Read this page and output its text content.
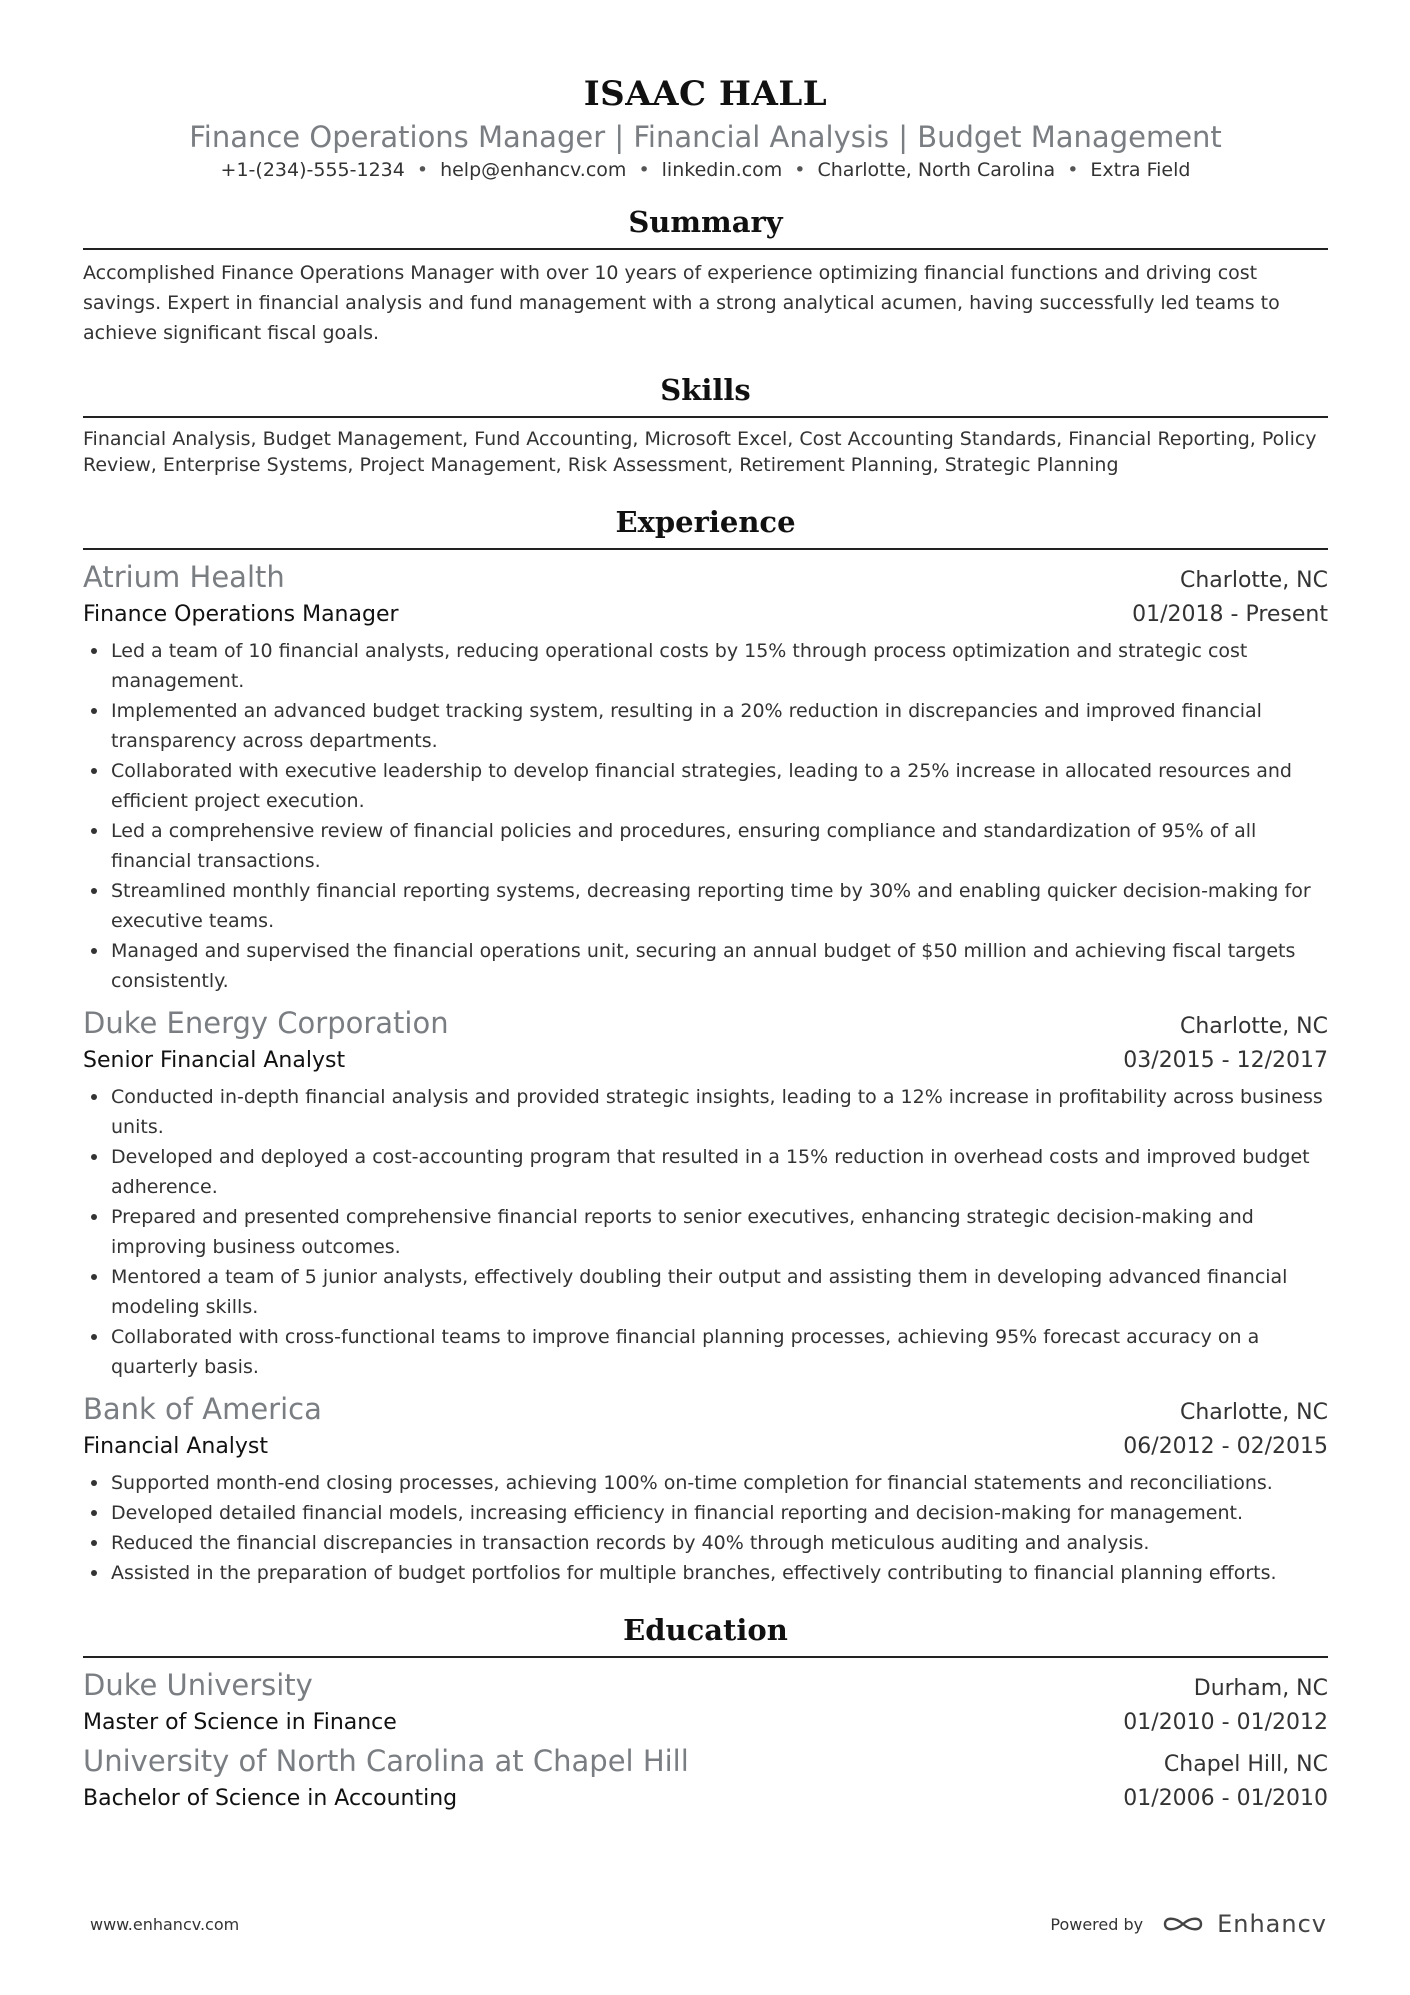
ISAAC HALL

Finance Operations Manager | Financial Analysis | Budget Management

+1-(234)-555-1234 • help@enhancv.com • linkedin.com • Charlotte, North Carolina • Extra Field

Summary

Accomplished Finance Operations Manager with over 10 years of experience optimizing financial functions and driving cost savings. Expert in financial analysis and fund management with a strong analytical acumen, having successfully led teams to achieve significant fiscal goals.

Skills

Financial Analysis, Budget Management, Fund Accounting, Microsoft Excel, Cost Accounting Standards, Financial Reporting, Policy Review, Enterprise Systems, Project Management, Risk Assessment, Retirement Planning, Strategic Planning

Experience
Atrium Health	Charlotte, NC
Finance Operations Manager	01/2018 - Present
Led a team of 10 financial analysts, reducing operational costs by 15% through process optimization and strategic cost management.
Implemented an advanced budget tracking system, resulting in a 20% reduction in discrepancies and improved financial transparency across departments.
Collaborated with executive leadership to develop financial strategies, leading to a 25% increase in allocated resources and efficient project execution.
Led a comprehensive review of financial policies and procedures, ensuring compliance and standardization of 95% of all financial transactions.
Streamlined monthly financial reporting systems, decreasing reporting time by 30% and enabling quicker decision-making for executive teams.
Managed and supervised the financial operations unit, securing an annual budget of $50 million and achieving fiscal targets consistently.
Duke Energy Corporation	Charlotte, NC
Senior Financial Analyst	03/2015 - 12/2017
Conducted in-depth financial analysis and provided strategic insights, leading to a 12% increase in profitability across business units.
Developed and deployed a cost-accounting program that resulted in a 15% reduction in overhead costs and improved budget adherence.
Prepared and presented comprehensive financial reports to senior executives, enhancing strategic decision-making and improving business outcomes.
Mentored a team of 5 junior analysts, effectively doubling their output and assisting them in developing advanced financial modeling skills.
Collaborated with cross-functional teams to improve financial planning processes, achieving 95% forecast accuracy on a quarterly basis.
Bank of America	Charlotte, NC
Financial Analyst	06/2012 - 02/2015
Supported month-end closing processes, achieving 100% on-time completion for financial statements and reconciliations.
Developed detailed financial models, increasing efficiency in financial reporting and decision-making for management.
Reduced the financial discrepancies in transaction records by 40% through meticulous auditing and analysis.
Assisted in the preparation of budget portfolios for multiple branches, effectively contributing to financial planning efforts.
Education
Duke University	Durham, NC
Master of Science in Finance	01/2010 - 01/2012
University of North Carolina at Chapel Hill	Chapel Hill, NC
Bachelor of Science in Accounting	01/2006 - 01/2010
www.enhancv.com	Powered by	Enhancv
